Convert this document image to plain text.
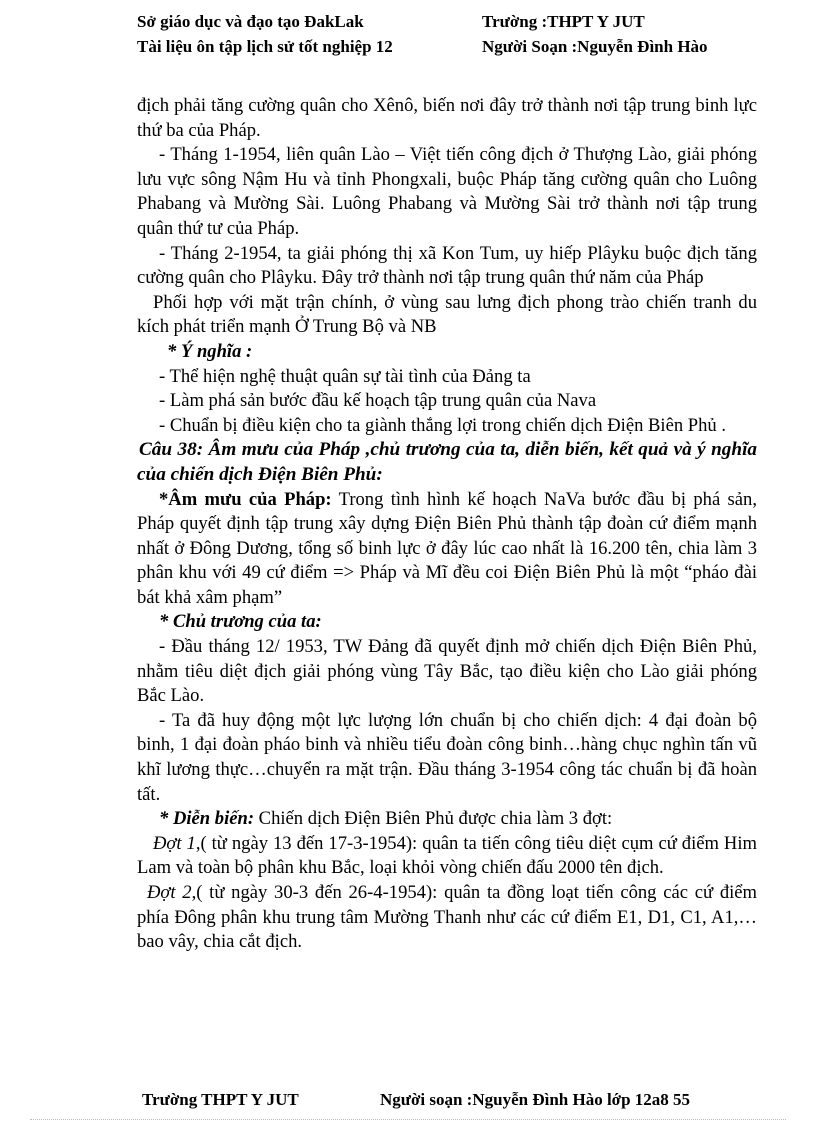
Sở giáo dục và đạo tạo ĐakLak	Trường :THPT Y JUT
Tài liệu ôn tập lịch sử tốt nghiệp 12	Người Soạn :Nguyễn Đình Hào

địch phải tăng cường quân cho Xênô, biến nơi đây trở thành nơi tập trung binh lực thứ ba của Pháp.

- Tháng 1-1954, liên quân Lào – Việt tiến công địch ở Thượng Lào, giải phóng lưu vực sông Nậm Hu và tỉnh Phongxali, buộc Pháp tăng cường quân cho Luông Phabang và Mường Sài. Luông Phabang và Mường Sài trở thành nơi tập trung quân thứ tư của Pháp.

- Tháng 2-1954, ta giải phóng thị xã Kon Tum, uy hiếp Plâyku buộc địch tăng cường quân cho Plâyku. Đây trở thành nơi tập trung quân thứ năm của Pháp

Phối hợp với mặt trận chính, ở vùng sau lưng địch phong trào chiến tranh du kích phát triển mạnh Ở Trung Bộ và NB

* Ý nghĩa :

- Thể hiện nghệ thuật quân sự tài tình của Đảng ta

- Làm phá sản bước đầu kế hoạch tập trung quân của Nava

- Chuẩn bị điều kiện cho ta giành thắng lợi trong chiến dịch Điện Biên Phủ .

Câu 38: Âm mưu của Pháp ,chủ trương của ta, diễn biến, kết quả và ý nghĩa của chiến dịch Điện Biên Phủ:

*Âm mưu của Pháp: Trong tình hình kế hoạch NaVa bước đầu bị phá sản, Pháp quyết định tập trung xây dựng Điện Biên Phủ thành tập đoàn cứ điểm mạnh nhất ở Đông Dương, tổng số binh lực ở đây lúc cao nhất là 16.200 tên, chia làm 3 phân khu với 49 cứ điểm => Pháp và Mĩ đều coi Điện Biên Phủ là một “pháo đài bát khả xâm phạm”

* Chủ trương của ta:

- Đầu tháng 12/ 1953, TW Đảng đã quyết định mở chiến dịch Điện Biên Phủ, nhằm tiêu diệt địch giải phóng vùng Tây Bắc, tạo điều kiện cho Lào giải phóng Bắc Lào.

- Ta đã huy động một lực lượng lớn chuẩn bị cho chiến dịch: 4 đại đoàn bộ binh, 1 đại đoàn pháo binh và nhiều tiểu đoàn công binh…hàng chục nghìn tấn vũ khĩ lương thực…chuyển ra mặt trận. Đầu tháng 3-1954 công tác chuẩn bị đã hoàn tất.

* Diễn biến: Chiến dịch Điện Biên Phủ được chia làm 3 đợt:

Đợt 1,( từ ngày 13 đến 17-3-1954): quân ta tiến công tiêu diệt cụm cứ điểm Him Lam và toàn bộ phân khu Bắc, loại khỏi vòng chiến đấu 2000 tên địch.

Đợt 2,( từ ngày 30-3 đến 26-4-1954): quân ta đồng loạt tiến công các cứ điểm phía Đông phân khu trung tâm Mường Thanh như các cứ điểm E1, D1, C1, A1,… bao vây, chia cắt địch.

Trường THPT Y JUT	Người soạn :Nguyễn Đình Hào lớp 12a8 55
